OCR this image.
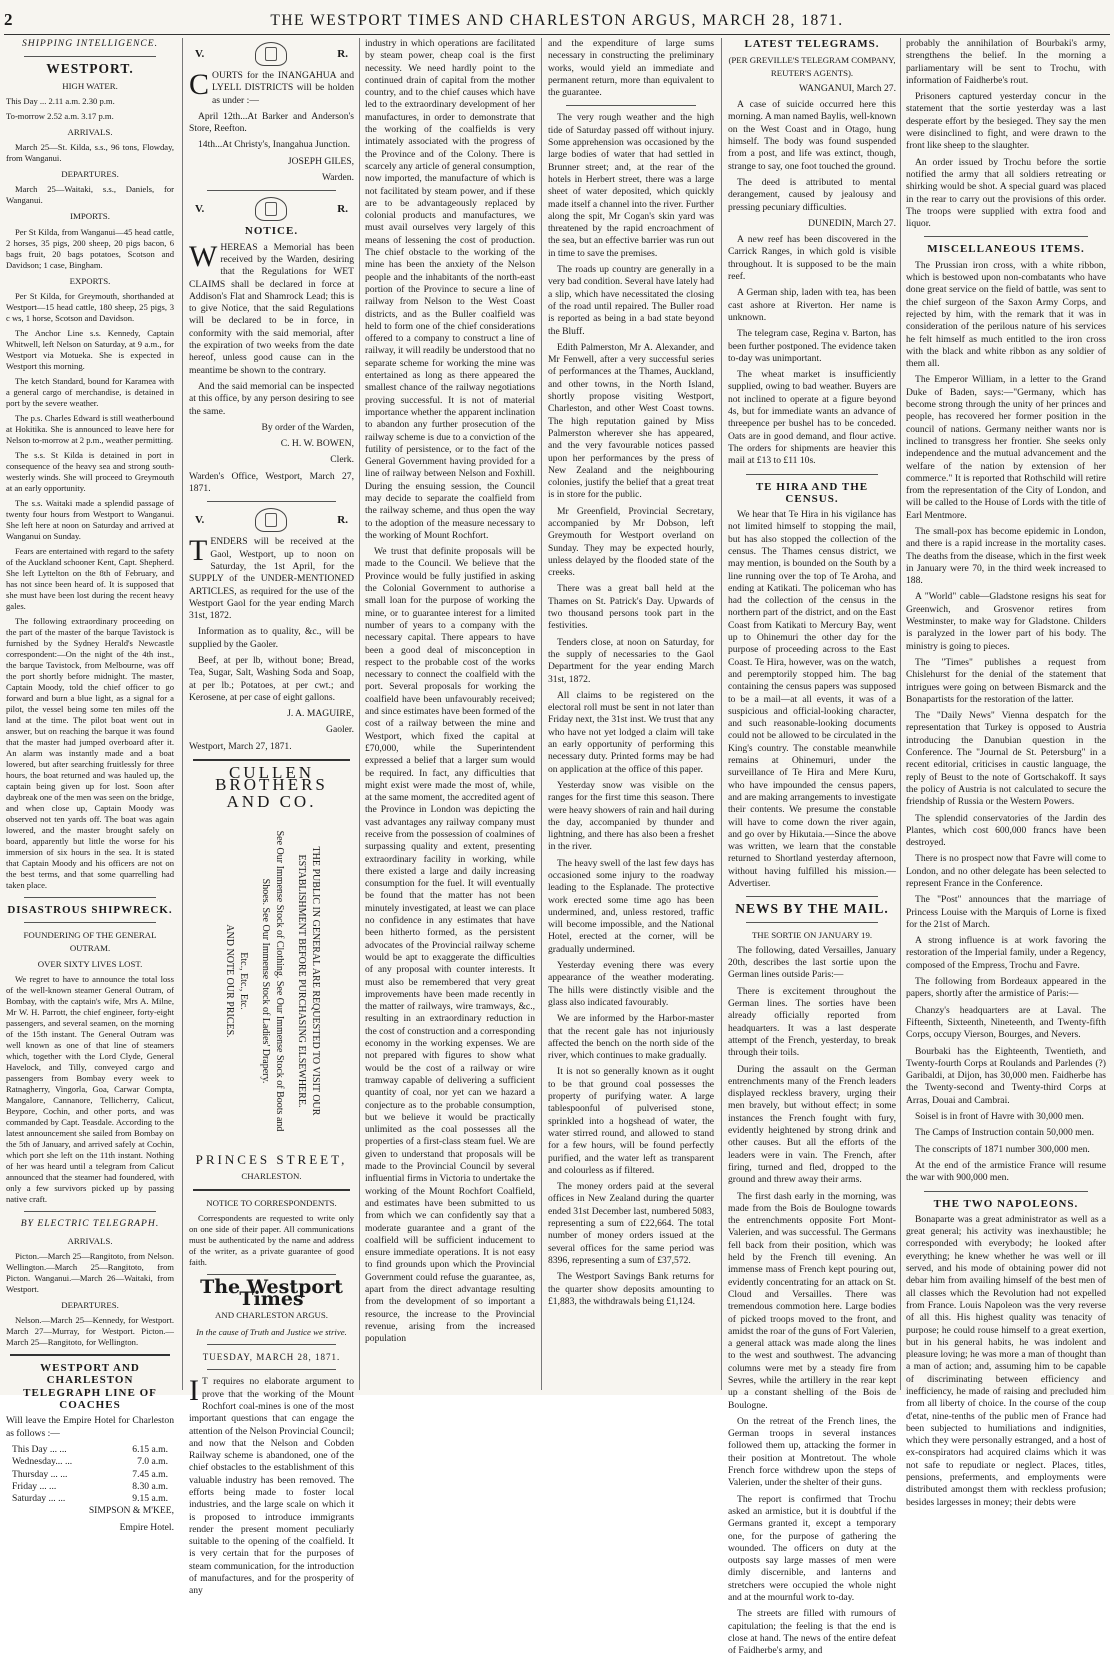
2	THE WESTPORT TIMES AND CHARLESTON ARGUS, MARCH 28, 1871.

SHIPPING INTELLIGENCE.

WESTPORT.

HIGH WATER.

This Day ... 2.11 a.m. 2.30 p.m.

To-morrow 2.52 a.m. 3.17 p.m.

ARRIVALS.

March 25—St. Kilda, s.s., 96 tons, Flowday, from Wanganui.

DEPARTURES.

March 25—Waitaki, s.s., Daniels, for Wanganui.

IMPORTS.

Per St Kilda, from Wanganui—45 head cattle, 2 horses, 35 pigs, 200 sheep, 20 pigs bacon, 6 bags fruit, 20 bags potatoes, Scotson and Davidson; 1 case, Bingham.

EXPORTS.

Per St Kilda, for Greymouth, shorthanded at Westport—15 head cattle, 180 sheep, 25 pigs, 3 c ws, 1 horse, Scotson and Davidson.

The Anchor Line s.s. Kennedy, Captain Whitwell, left Nelson on Saturday, at 9 a.m., for Westport via Motueka. She is expected in Westport this morning.

The ketch Standard, bound for Karamea with a general cargo of merchandise, is detained in port by the severe weather.

The p.s. Charles Edward is still weatherbound at Hokitika. She is announced to leave here for Nelson to-morrow at 2 p.m., weather permitting.

The s.s. St Kilda is detained in port in consequence of the heavy sea and strong south-westerly winds. She will proceed to Greymouth at an early opportunity.

The s.s. Waitaki made a splendid passage of twenty four hours from Westport to Wanganui. She left here at noon on Saturday and arrived at Wanganui on Sunday.

Fears are entertained with regard to the safety of the Auckland schooner Kent, Capt. Shepherd. She left Lyttelton on the 8th of February, and has not since been heard of. It is supposed that she must have been lost during the recent heavy gales.

The following extraordinary proceeding on the part of the master of the barque Tavistock is furnished by the Sydney Herald's Newcastle correspondent:—On the night of the 4th inst., the barque Tavistock, from Melbourne, was off the port shortly before midnight. The master, Captain Moody, told the chief officer to go forward and burn a blue light, as a signal for a pilot, the vessel being some ten miles off the land at the time. The pilot boat went out in answer, but on reaching the barque it was found that the master had jumped overboard after it. An alarm was instantly made and a boat lowered, but after searching fruitlessly for three hours, the boat returned and was hauled up, the captain being given up for lost. Soon after daybreak one of the men was seen on the bridge, and when close up, Captain Moody was observed not ten yards off. The boat was again lowered, and the master brought safely on board, apparently but little the worse for his immersion of six hours in the sea. It is stated that Captain Moody and his officers are not on the best terms, and that some quarrelling had taken place.

DISASTROUS SHIPWRECK.

FOUNDERING OF THE GENERAL OUTRAM.

OVER SIXTY LIVES LOST.

We regret to have to announce the total loss of the well-known steamer General Outram, of Bombay, with the captain's wife, Mrs A. Milne, Mr W. H. Parrott, the chief engineer, forty-eight passengers, and several seamen, on the morning of the 15th instant. The General Outram was well known as one of that line of steamers which, together with the Lord Clyde, General Havelock, and Tilly, conveyed cargo and passengers from Bombay every week to Ratnagherry, Vingorla, Goa, Carwar Compta, Mangalore, Cannanore, Tellicherry, Calicut, Beypore, Cochin, and other ports, and was commanded by Capt. Teasdale. According to the latest announcement she sailed from Bombay on the 5th of January, and arrived safely at Cochin, which port she left on the 11th instant. Nothing of her was heard until a telegram from Calicut announced that the steamer had foundered, with only a few survivors picked up by passing native craft.

BY ELECTRIC TELEGRAPH.

ARRIVALS.

Picton.—March 25—Rangitoto, from Nelson. Wellington.—March 25—Rangitoto, from Picton. Wanganui.—March 26—Waitaki, from Westport.

DEPARTURES.

Nelson.—March 25—Kennedy, for Westport. March 27—Murray, for Westport. Picton.—March 25—Rangitoto, for Wellington.

WESTPORT AND CHARLESTON TELEGRAPH LINE OF COACHES

Will leave the Empire Hotel for Charleston as follows :—

This Day ... ...	6.15 a.m.
Wednesday... ...	7.0 a.m.
Thursday ... ...	7.45 a.m.
Friday ... ...	8.30 a.m.
Saturday ... ...	9.15 a.m.

SIMPSON & M'KEE,

Empire Hotel.

V.	R.

COURTS for the INANGAHUA and LYELL DISTRICTS will be holden as under :—

April 12th...At Barker and Anderson's Store, Reefton.

14th...At Christy's, Inangahua Junction.

JOSEPH GILES,

Warden.

V.	R.

NOTICE.

WHEREAS a Memorial has been received by the Warden, desiring that the Regulations for WET CLAIMS shall be declared in force at Addison's Flat and Shamrock Lead; this is to give Notice, that the said Regulations will be declared to be in force, in conformity with the said memorial, after the expiration of two weeks from the date hereof, unless good cause can in the meantime be shown to the contrary.

And the said memorial can be inspected at this office, by any person desiring to see the same.

By order of the Warden,

C. H. W. BOWEN,

Clerk.

Warden's Office, Westport, March 27, 1871.

V.	R.

TENDERS will be received at the Gaol, Westport, up to noon on Saturday, the 1st April, for the SUPPLY of the UNDER-MENTIONED ARTICLES, as required for the use of the Westport Gaol for the year ending March 31st, 1872.

Information as to quality, &c., will be supplied by the Gaoler.

Beef, at per lb, without bone; Bread, Tea, Sugar, Salt, Washing Soda and Soap, at per lb.; Potatoes, at per cwt.; and Kerosene, at per case of eight gallons.

J. A. MAGUIRE,

Gaoler.

Westport, March 27, 1871.

CULLEN BROTHERS

AND CO.

THE PUBLIC IN GENERAL ARE REQUESTED TO VISIT OUR ESTABLISHMENT BEFORE PURCHASING ELSEWHERE.
See Our Immense Stock of Clothing. See Our Immense Stock of Boots and Shoes. See Our Immense Stock of Ladies' Drapery.
Etc., Etc., Etc.
AND NOTE OUR PRICES.

PRINCES STREET,

CHARLESTON.

NOTICE TO CORRESPONDENTS.

Correspondents are requested to write only on one side of their paper. All communications must be authenticated by the name and address of the writer, as a private guarantee of good faith.

The Westport Times

AND CHARLESTON ARGUS.

In the cause of Truth and Justice we strive.

TUESDAY, MARCH 28, 1871.

I T requires no elaborate argument to prove that the working of the Mount Rochfort coal-mines is one of the most important questions that can engage the attention of the Nelson Provincial Council; and now that the Nelson and Cobden Railway scheme is abandoned, one of the chief obstacles to the establishment of this valuable industry has been removed. The efforts being made to foster local industries, and the large scale on which it is proposed to introduce immigrants render the present moment peculiarly suitable to the opening of the coalfield. It is very certain that for the purposes of steam communication, for the introduction of manufactures, and for the prosperity of any

industry in which operations are facilitated by steam power, cheap coal is the first necessity. We need hardly point to the continued drain of capital from the mother country, and to the chief causes which have led to the extraordinary development of her manufactures, in order to demonstrate that the working of the coalfields is very intimately associated with the progress of the Province and of the Colony. There is scarcely any article of general consumption, now imported, the manufacture of which is not facilitated by steam power, and if these are to be advantageously replaced by colonial products and manufactures, we must avail ourselves very largely of this means of lessening the cost of production. The chief obstacle to the working of the mine has been the anxiety of the Nelson people and the inhabitants of the north-east portion of the Province to secure a line of railway from Nelson to the West Coast districts, and as the Buller coalfield was held to form one of the chief considerations offered to a company to construct a line of railway, it will readily be understood that no separate scheme for working the mine was entertained as long as there appeared the smallest chance of the railway negotiations proving successful. It is not of material importance whether the apparent inclination to abandon any further prosecution of the railway scheme is due to a conviction of the futility of persistence, or to the fact of the General Government having provided for a line of railway between Nelson and Foxhill. During the ensuing session, the Council may decide to separate the coalfield from the railway scheme, and thus open the way to the adoption of the measure necessary to the working of Mount Rochfort.

We trust that definite proposals will be made to the Council. We believe that the Province would be fully justified in asking the Colonial Government to authorise a small loan for the purpose of working the mine, or to guarantee interest for a limited number of years to a company with the necessary capital. There appears to have been a good deal of misconception in respect to the probable cost of the works necessary to connect the coalfield with the port. Several proposals for working the coalfield have been unfavourably received; and since estimates have been formed of the cost of a railway between the mine and Westport, which fixed the capital at £70,000, while the Superintendent expressed a belief that a larger sum would be required. In fact, any difficulties that might exist were made the most of, while, at the same moment, the accredited agent of the Province in London was depicting the vast advantages any railway company must receive from the possession of coalmines of surpassing quality and extent, presenting extraordinary facility in working, while there existed a large and daily increasing consumption for the fuel. It will eventually be found that the matter has not been minutely investigated, at least we can place no confidence in any estimates that have been hitherto formed, as the persistent advocates of the Provincial railway scheme would be apt to exaggerate the difficulties of any proposal with counter interests. It must also be remembered that very great improvements have been made recently in the matter of railways, wire tramways, &c., resulting in an extraordinary reduction in the cost of construction and a corresponding economy in the working expenses. We are not prepared with figures to show what would be the cost of a railway or wire tramway capable of delivering a sufficient quantity of coal, nor yet can we hazard a conjecture as to the probable consumption, but we believe it would be practically unlimited as the coal possesses all the properties of a first-class steam fuel. We are given to understand that proposals will be made to the Provincial Council by several influential firms in Victoria to undertake the working of the Mount Rochfort Coalfield, and estimates have been submitted to us from which we can confidently say that a moderate guarantee and a grant of the coalfield will be sufficient inducement to ensure immediate operations. It is not easy to find grounds upon which the Provincial Government could refuse the guarantee, as, apart from the direct advantage resulting from the development of so important a resource, the increase to the Provincial revenue, arising from the increased population

and the expenditure of large sums necessary in constructing the preliminary works, would yield an immediate and permanent return, more than equivalent to the guarantee.

The very rough weather and the high tide of Saturday passed off without injury. Some apprehension was occasioned by the large bodies of water that had settled in Brunner street; and, at the rear of the hotels in Herbert street, there was a large sheet of water deposited, which quickly made itself a channel into the river. Further along the spit, Mr Cogan's skin yard was threatened by the rapid encroachment of the sea, but an effective barrier was run out in time to save the premises.

The roads up country are generally in a very bad condition. Several have lately had a slip, which have necessitated the closing of the road until repaired. The Buller road is reported as being in a bad state beyond the Bluff.

Edith Palmerston, Mr A. Alexander, and Mr Fenwell, after a very successful series of performances at the Thames, Auckland, and other towns, in the North Island, shortly propose visiting Westport, Charleston, and other West Coast towns. The high reputation gained by Miss Palmerston wherever she has appeared, and the very favourable notices passed upon her performances by the press of New Zealand and the neighbouring colonies, justify the belief that a great treat is in store for the public.

Mr Greenfield, Provincial Secretary, accompanied by Mr Dobson, left Greymouth for Westport overland on Sunday. They may be expected hourly, unless delayed by the flooded state of the creeks.

There was a great ball held at the Thames on St. Patrick's Day. Upwards of two thousand persons took part in the festivities.

Tenders close, at noon on Saturday, for the supply of necessaries to the Gaol Department for the year ending March 31st, 1872.

All claims to be registered on the electoral roll must be sent in not later than Friday next, the 31st inst. We trust that any who have not yet lodged a claim will take an early opportunity of performing this necessary duty. Printed forms may be had on application at the office of this paper.

Yesterday snow was visible on the ranges for the first time this season. There were heavy showers of rain and hail during the day, accompanied by thunder and lightning, and there has also been a freshet in the river.

The heavy swell of the last few days has occasioned some injury to the roadway leading to the Esplanade. The protective work erected some time ago has been undermined, and, unless restored, traffic will become impossible, and the National Hotel, erected at the corner, will be gradually undermined.

Yesterday evening there was every appearance of the weather moderating. The hills were distinctly visible and the glass also indicated favourably.

We are informed by the Harbor-master that the recent gale has not injuriously affected the bench on the north side of the river, which continues to make gradually.

It is not so generally known as it ought to be that ground coal possesses the property of purifying water. A large tablespoonful of pulverised stone, sprinkled into a hogshead of water, the water stirred round, and allowed to stand for a few hours, will be found perfectly purified, and the water left as transparent and colourless as if filtered.

The money orders paid at the several offices in New Zealand during the quarter ended 31st December last, numbered 5083, representing a sum of £22,664. The total number of money orders issued at the several offices for the same period was 8396, representing a sum of £37,572.

The Westport Savings Bank returns for the quarter show deposits amounting to £1,883, the withdrawals being £1,124.

LATEST TELEGRAMS.

(PER GREVILLE'S TELEGRAM COMPANY, REUTER'S AGENTS).

WANGANUI, March 27.

A case of suicide occurred here this morning. A man named Baylis, well-known on the West Coast and in Otago, hung himself. The body was found suspended from a post, and life was extinct, though, strange to say, one foot touched the ground.

The deed is attributed to mental derangement, caused by jealousy and pressing pecuniary difficulties.

DUNEDIN, March 27.

A new reef has been discovered in the Carrick Ranges, in which gold is visible throughout. It is supposed to be the main reef.

A German ship, laden with tea, has been cast ashore at Riverton. Her name is unknown.

The telegram case, Regina v. Barton, has been further postponed. The evidence taken to-day was unimportant.

The wheat market is insufficiently supplied, owing to bad weather. Buyers are not inclined to operate at a figure beyond 4s, but for immediate wants an advance of threepence per bushel has to be conceded. Oats are in good demand, and flour active. The orders for shipments are heavier this mail at £13 to £11 10s.

TE HIRA AND THE CENSUS.

We hear that Te Hira in his vigilance has not limited himself to stopping the mail, but has also stopped the collection of the census. The Thames census district, we may mention, is bounded on the South by a line running over the top of Te Aroha, and ending at Katikati. The policeman who has had the collection of the census in the northern part of the district, and on the East Coast from Katikati to Mercury Bay, went up to Ohinemuri the other day for the purpose of proceeding across to the East Coast. Te Hira, however, was on the watch, and peremptorily stopped him. The bag containing the census papers was supposed to be a mail—at all events, it was of a suspicious and official-looking character, and such reasonable-looking documents could not be allowed to be circulated in the King's country. The constable meanwhile remains at Ohinemuri, under the surveillance of Te Hira and Mere Kuru, who have impounded the census papers, and are making arrangements to investigate their contents. We presume the constable will have to come down the river again, and go over by Hikutaia.—Since the above was written, we learn that the constable returned to Shortland yesterday afternoon, without having fulfilled his mission.—Advertiser.

NEWS BY THE MAIL.

THE SORTIE ON JANUARY 19.

The following, dated Versailles, January 20th, describes the last sortie upon the German lines outside Paris:—

There is excitement throughout the German lines. The sorties have been already officially reported from headquarters. It was a last desperate attempt of the French, yesterday, to break through their toils.

During the assault on the German entrenchments many of the French leaders displayed reckless bravery, urging their men bravely, but without effect; in some instances the French fought with fury, evidently heightened by strong drink and other causes. But all the efforts of the leaders were in vain. The French, after firing, turned and fled, dropped to the ground and threw away their arms.

The first dash early in the morning, was made from the Bois de Boulogne towards the entrenchments opposite Fort Mont-Valerien, and was successful. The Germans fell back from their position, which was held by the French till evening. An immense mass of French kept pouring out, evidently concentrating for an attack on St. Cloud and Versailles. There was tremendous commotion here. Large bodies of picked troops moved to the front, and amidst the roar of the guns of Fort Valerien, a general attack was made along the lines to the west and southwest. The advancing columns were met by a steady fire from Sevres, while the artillery in the rear kept up a constant shelling of the Bois de Boulogne.

On the retreat of the French lines, the German troops in several instances followed them up, attacking the former in their position at Montretout. The whole French force withdrew upon the steps of Valerien, under the shelter of their guns.

The report is confirmed that Trochu asked an armistice, but it is doubtful if the Germans granted it, except a temporary one, for the purpose of gathering the wounded. The officers on duty at the outposts say large masses of men were dimly discernible, and lanterns and stretchers were occupied the whole night and at the mournful work to-day.

The streets are filled with rumours of capitulation; the feeling is that the end is close at hand. The news of the entire defeat of Faidherbe's army, and

probably the annihilation of Bourbaki's army, strengthens the belief. In the morning a parliamentary will be sent to Trochu, with information of Faidherbe's rout.

Prisoners captured yesterday concur in the statement that the sortie yesterday was a last desperate effort by the besieged. They say the men were disinclined to fight, and were drawn to the front like sheep to the slaughter.

An order issued by Trochu before the sortie notified the army that all soldiers retreating or shirking would be shot. A special guard was placed in the rear to carry out the provisions of this order. The troops were supplied with extra food and liquor.

MISCELLANEOUS ITEMS.

The Prussian iron cross, with a white ribbon, which is bestowed upon non-combatants who have done great service on the field of battle, was sent to the chief surgeon of the Saxon Army Corps, and rejected by him, with the remark that it was in consideration of the perilous nature of his services he felt himself as much entitled to the iron cross with the black and white ribbon as any soldier of them all.

The Emperor William, in a letter to the Grand Duke of Baden, says:—"Germany, which has become strong through the unity of her princes and people, has recovered her former position in the council of nations. Germany neither wants nor is inclined to transgress her frontier. She seeks only independence and the mutual advancement and the welfare of the nation by extension of her commerce." It is reported that Rothschild will retire from the representation of the City of London, and will be called to the House of Lords with the title of Earl Mentmore.

The small-pox has become epidemic in London, and there is a rapid increase in the mortality cases. The deaths from the disease, which in the first week in January were 70, in the third week increased to 188.

A "World" cable—Gladstone resigns his seat for Greenwich, and Grosvenor retires from Westminster, to make way for Gladstone. Childers is paralyzed in the lower part of his body. The ministry is going to pieces.

The "Times" publishes a request from Chislehurst for the denial of the statement that intrigues were going on between Bismarck and the Bonapartists for the restoration of the latter.

The "Daily News" Vienna despatch for the representation that Turkey is opposed to Austria introducing the Danubian question in the Conference. The "Journal de St. Petersburg" in a recent editorial, criticises in caustic language, the reply of Beust to the note of Gortschakoff. It says the policy of Austria is not calculated to secure the friendship of Russia or the Western Powers.

The splendid conservatories of the Jardin des Plantes, which cost 600,000 francs have been destroyed.

There is no prospect now that Favre will come to London, and no other delegate has been selected to represent France in the Conference.

The "Post" announces that the marriage of Princess Louise with the Marquis of Lorne is fixed for the 21st of March.

A strong influence is at work favoring the restoration of the Imperial family, under a Regency, composed of the Empress, Trochu and Favre.

The following from Bordeaux appeared in the papers, shortly after the armistice of Paris:—

Chanzy's headquarters are at Laval. The Fifteenth, Sixteenth, Nineteenth, and Twenty-fifth Corps, occupy Vierson, Bourges, and Nevers.

Bourbaki has the Eighteenth, Twentieth, and Twenty-fourth Corps at Roulands and Parlendes (?) Garibaldi, at Dijon, has 30,000 men. Faidherbe has the Twenty-second and Twenty-third Corps at Arras, Douai and Cambrai.

Soisel is in front of Havre with 30,000 men.

The Camps of Instruction contain 50,000 men.

The conscripts of 1871 number 300,000 men.

At the end of the armistice France will resume the war with 900,000 men.

THE TWO NAPOLEONS.

Bonaparte was a great administrator as well as a great general; his activity was inexhaustible; he corresponded with everybody; he looked after everything; he knew whether he was well or ill served, and his mode of obtaining power did not debar him from availing himself of the best men of all classes which the Revolution had not expelled from France. Louis Napoleon was the very reverse of all this. His highest quality was tenacity of purpose; he could rouse himself to a great exertion, but in his general habits, he was indolent and pleasure loving; he was more a man of thought than a man of action; and, assuming him to be capable of discriminating between efficiency and inefficiency, he made of raising and precluded him from all liberty of choice. In the course of the coup d'etat, nine-tenths of the public men of France had been subjected to humiliations and indignities, which they were personally estranged, and a host of ex-conspirators had acquired claims which it was not safe to repudiate or neglect. Places, titles, pensions, preferments, and employments were distributed amongst them with reckless profusion; besides largesses in money; their debts were
